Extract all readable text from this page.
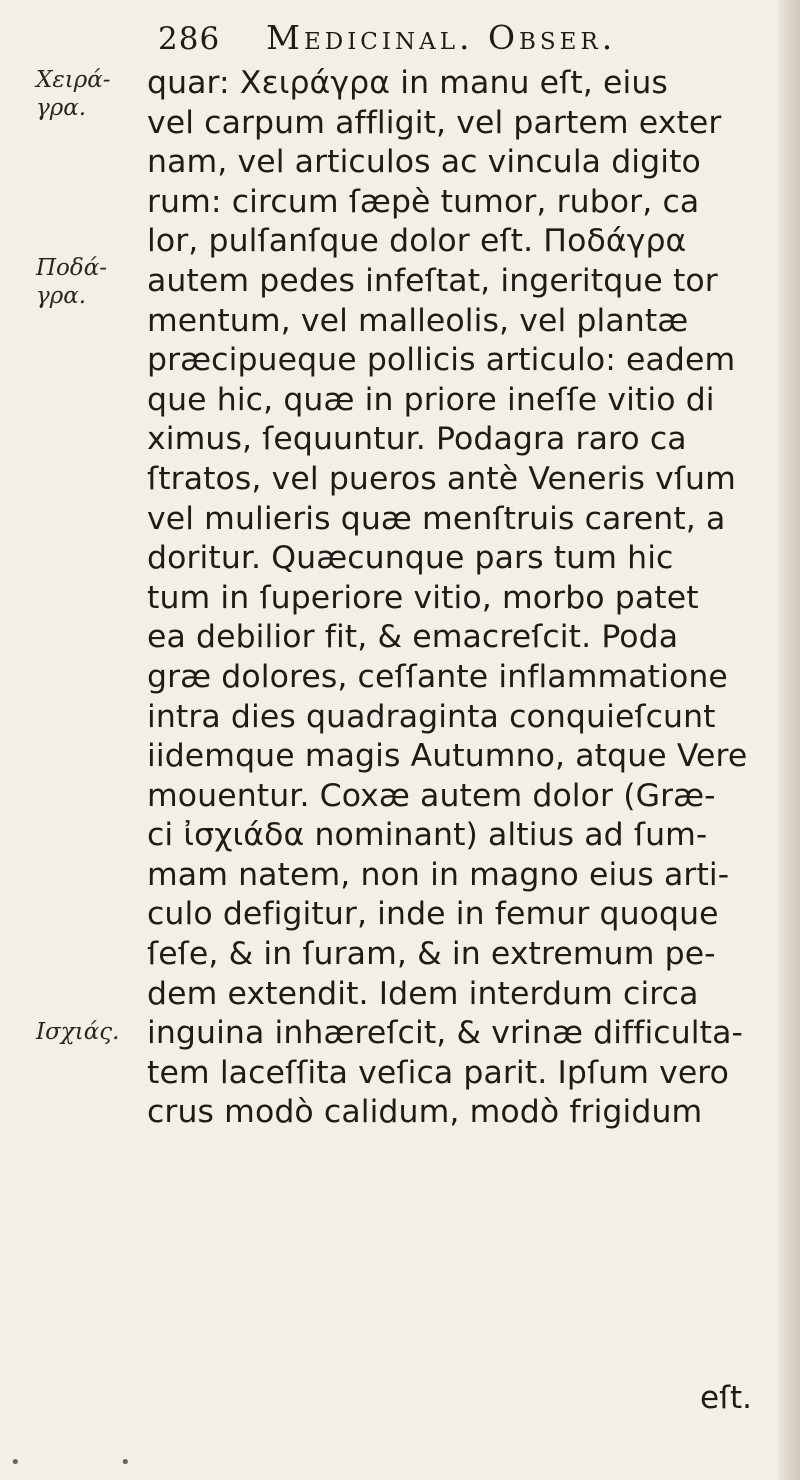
286 Medicinal. Obser.
Χειρά-
γρα.
Ποδά-
γρα.
Ισχιάς.
quar: Χειράγρα in manu eſt, eius
vel carpum affligit, vel partem exter
nam, vel articulos ac vincula digito
rum: circum ſæpè tumor, rubor, ca
lor, pulſanſque dolor eſt. Ποδάγρα
autem pedes infeſtat, ingeritque tor
mentum, vel malleolis, vel plantæ
præcipueque pollicis articulo: eadem
que hic, quæ in priore ineſſe vitio di
ximus, ſequuntur. Podagra raro ca
ſtratos, vel pueros antè Veneris vſum
vel mulieris quæ menſtruis carent, a
doritur. Quæcunque pars tum hic
tum in ſuperiore vitio, morbo patet
ea debilior fit, & emacreſcit. Poda
græ dolores, ceſſante inflammatione
intra dies quadraginta conquieſcunt
iidemque magis Autumno, atque Vere
mouentur. Coxæ autem dolor (Græ-
ci ἰσχιάδα nominant) altius ad ſum-
mam natem, non in magno eius arti-
culo defigitur, inde in femur quoque
ſeſe, & in ſuram, & in extremum pe-
dem extendit. Idem interdum circa
inguina inhæreſcit, & vrinæ difficulta-
tem laceſſita veſica parit. Ipſum vero
crus modò calidum, modò frigidum
eſt.
•	•
